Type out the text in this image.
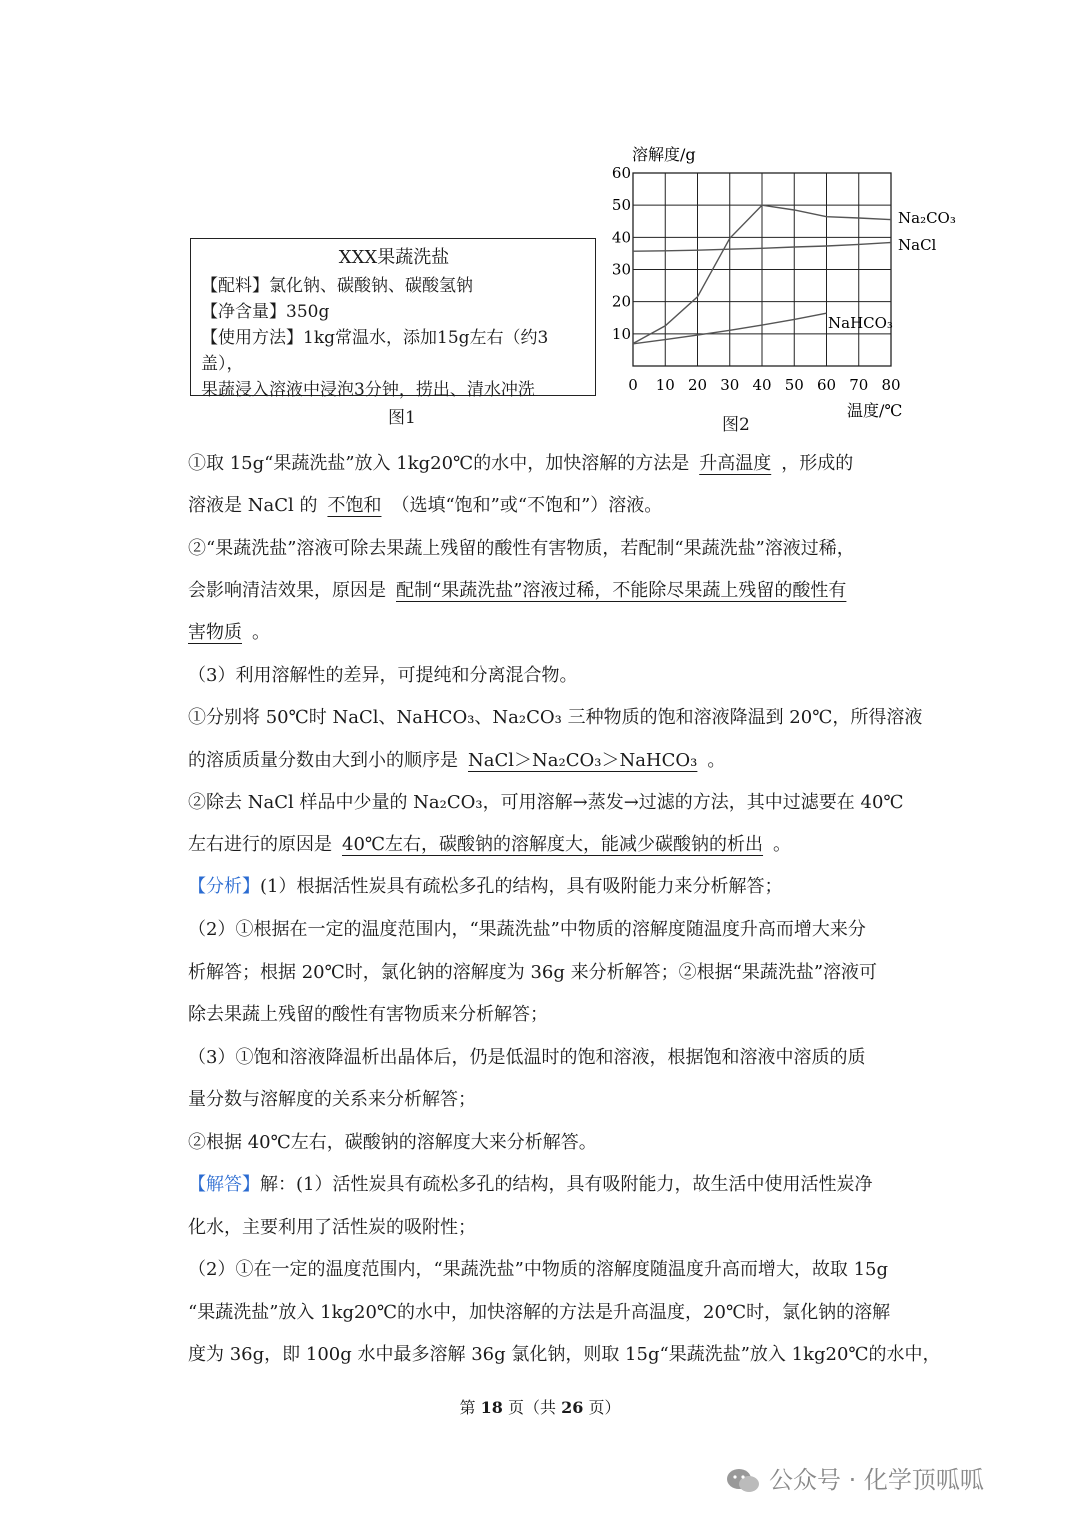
XXX果蔬洗盐
【配料】氯化钠、碳酸钠、碳酸氢钠
【净含量】350g
【使用方法】1kg常温水，添加15g左右（约3盖），
果蔬浸入溶液中浸泡3分钟，捞出、清水冲洗
图1
10
20
30
40
50
60
0 10 20 30 40 50 60 70 80
溶解度/g
温度/℃
Na₂CO₃
NaCl
NaHCO₃
图2
①取 15g“果蔬洗盐”放入 1kg20℃的水中，加快溶解的方法是 升高温度 ，形成的
溶液是 NaCl 的 不饱和 （选填“饱和”或“不饱和”）溶液。
②“果蔬洗盐”溶液可除去果蔬上残留的酸性有害物质，若配制“果蔬洗盐”溶液过稀，
会影响清洁效果，原因是 配制“果蔬洗盐”溶液过稀，不能除尽果蔬上残留的酸性有
害物质 。
（3）利用溶解性的差异，可提纯和分离混合物。
①分别将 50℃时 NaCl、NaHCO₃、Na₂CO₃ 三种物质的饱和溶液降温到 20℃，所得溶液
的溶质质量分数由大到小的顺序是 NaCl＞Na₂CO₃＞NaHCO₃ 。
②除去 NaCl 样品中少量的 Na₂CO₃，可用溶解→蒸发→过滤的方法，其中过滤要在 40℃
左右进行的原因是 40℃左右，碳酸钠的溶解度大，能减少碳酸钠的析出 。
【分析】(1）根据活性炭具有疏松多孔的结构，具有吸附能力来分析解答；
（2）①根据在一定的温度范围内，“果蔬洗盐”中物质的溶解度随温度升高而增大来分
析解答；根据 20℃时，氯化钠的溶解度为 36g 来分析解答；②根据“果蔬洗盐”溶液可
除去果蔬上残留的酸性有害物质来分析解答；
（3）①饱和溶液降温析出晶体后，仍是低温时的饱和溶液，根据饱和溶液中溶质的质
量分数与溶解度的关系来分析解答；
②根据 40℃左右，碳酸钠的溶解度大来分析解答。
【解答】解：(1）活性炭具有疏松多孔的结构，具有吸附能力，故生活中使用活性炭净
化水，主要利用了活性炭的吸附性；
（2）①在一定的温度范围内，“果蔬洗盐”中物质的溶解度随温度升高而增大，故取 15g
“果蔬洗盐”放入 1kg20℃的水中，加快溶解的方法是升高温度，20℃时，氯化钠的溶解
度为 36g，即 100g 水中最多溶解 36g 氯化钠，则取 15g“果蔬洗盐”放入 1kg20℃的水中，
第 18 页（共 26 页）
公众号 · 化学顶呱呱
